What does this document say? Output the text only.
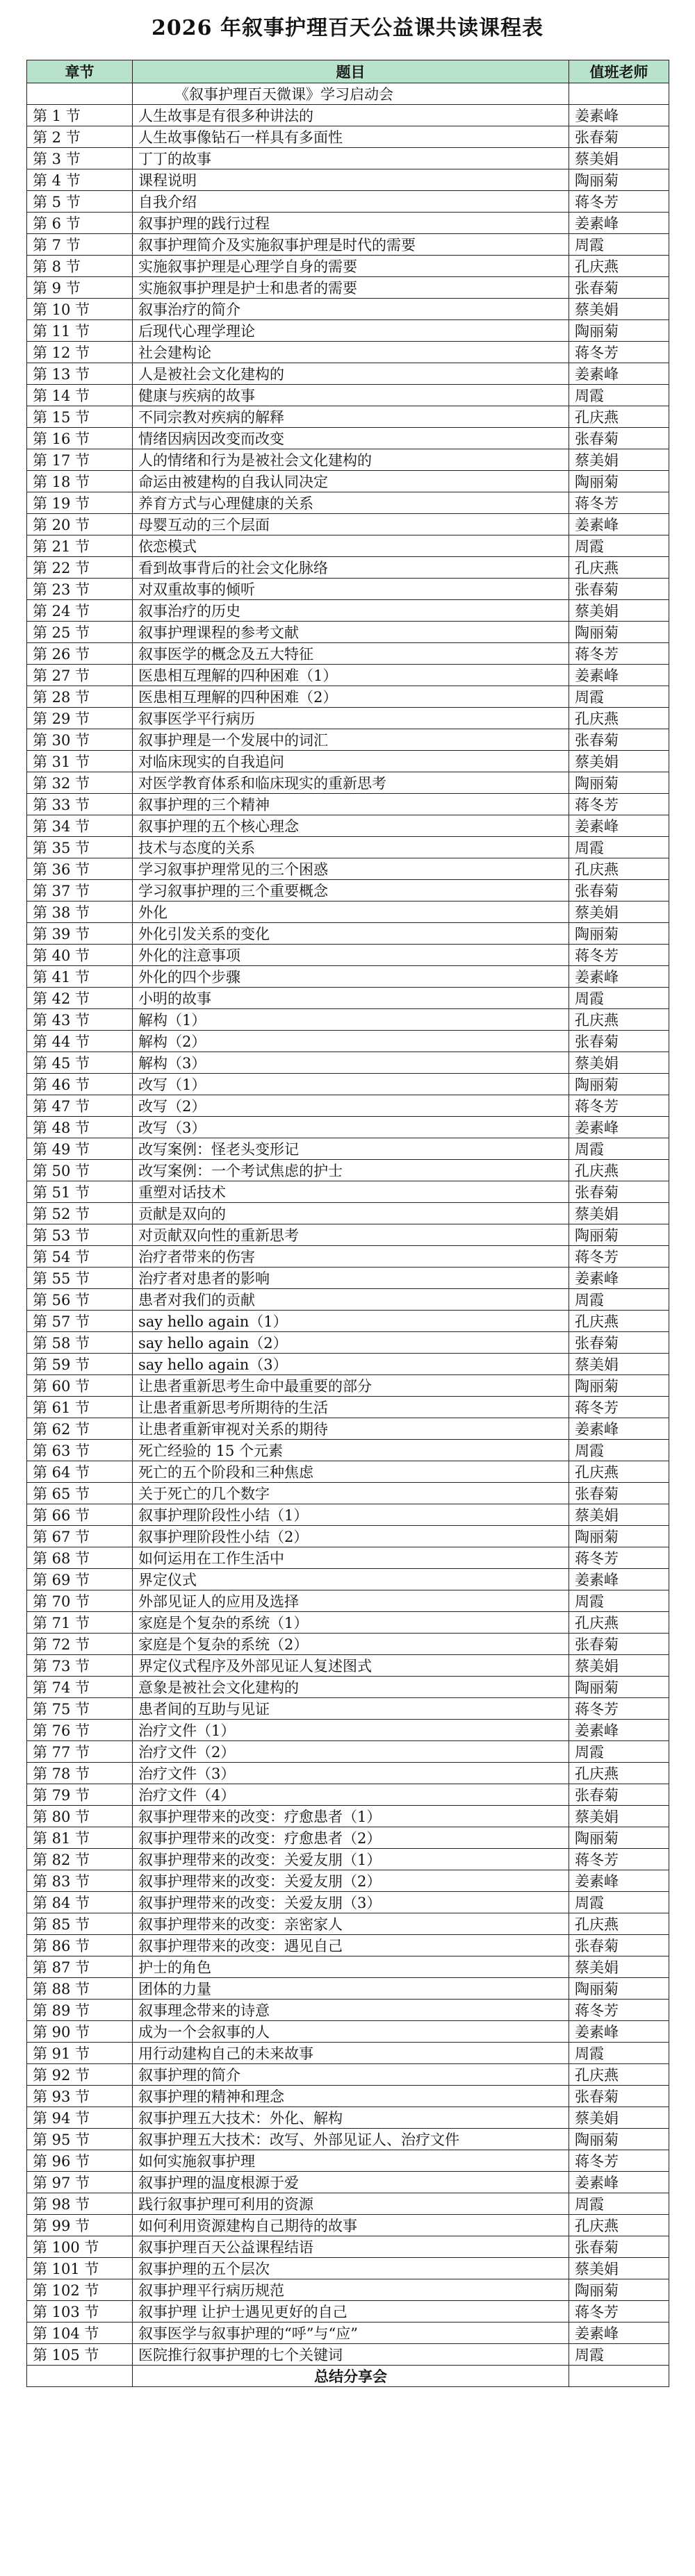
2026 年叙事护理百天公益课共读课程表
章节	题目	值班老师
	《叙事护理百天微课》学习启动会	
第 1 节	人生故事是有很多种讲法的	姜素峰
第 2 节	人生故事像钻石一样具有多面性	张春菊
第 3 节	丁丁的故事	蔡美娟
第 4 节	课程说明	陶丽菊
第 5 节	自我介绍	蒋冬芳
第 6 节	叙事护理的践行过程	姜素峰
第 7 节	叙事护理简介及实施叙事护理是时代的需要	周霞
第 8 节	实施叙事护理是心理学自身的需要	孔庆燕
第 9 节	实施叙事护理是护士和患者的需要	张春菊
第 10 节	叙事治疗的简介	蔡美娟
第 11 节	后现代心理学理论	陶丽菊
第 12 节	社会建构论	蒋冬芳
第 13 节	人是被社会文化建构的	姜素峰
第 14 节	健康与疾病的故事	周霞
第 15 节	不同宗教对疾病的解释	孔庆燕
第 16 节	情绪因病因改变而改变	张春菊
第 17 节	人的情绪和行为是被社会文化建构的	蔡美娟
第 18 节	命运由被建构的自我认同决定	陶丽菊
第 19 节	养育方式与心理健康的关系	蒋冬芳
第 20 节	母婴互动的三个层面	姜素峰
第 21 节	依恋模式	周霞
第 22 节	看到故事背后的社会文化脉络	孔庆燕
第 23 节	对双重故事的倾听	张春菊
第 24 节	叙事治疗的历史	蔡美娟
第 25 节	叙事护理课程的参考文献	陶丽菊
第 26 节	叙事医学的概念及五大特征	蒋冬芳
第 27 节	医患相互理解的四种困难（1）	姜素峰
第 28 节	医患相互理解的四种困难（2）	周霞
第 29 节	叙事医学平行病历	孔庆燕
第 30 节	叙事护理是一个发展中的词汇	张春菊
第 31 节	对临床现实的自我追问	蔡美娟
第 32 节	对医学教育体系和临床现实的重新思考	陶丽菊
第 33 节	叙事护理的三个精神	蒋冬芳
第 34 节	叙事护理的五个核心理念	姜素峰
第 35 节	技术与态度的关系	周霞
第 36 节	学习叙事护理常见的三个困惑	孔庆燕
第 37 节	学习叙事护理的三个重要概念	张春菊
第 38 节	外化	蔡美娟
第 39 节	外化引发关系的变化	陶丽菊
第 40 节	外化的注意事项	蒋冬芳
第 41 节	外化的四个步骤	姜素峰
第 42 节	小明的故事	周霞
第 43 节	解构（1）	孔庆燕
第 44 节	解构（2）	张春菊
第 45 节	解构（3）	蔡美娟
第 46 节	改写（1）	陶丽菊
第 47 节	改写（2）	蒋冬芳
第 48 节	改写（3）	姜素峰
第 49 节	改写案例：怪老头变形记	周霞
第 50 节	改写案例：一个考试焦虑的护士	孔庆燕
第 51 节	重塑对话技术	张春菊
第 52 节	贡献是双向的	蔡美娟
第 53 节	对贡献双向性的重新思考	陶丽菊
第 54 节	治疗者带来的伤害	蒋冬芳
第 55 节	治疗者对患者的影响	姜素峰
第 56 节	患者对我们的贡献	周霞
第 57 节	say hello again（1）	孔庆燕
第 58 节	say hello again（2）	张春菊
第 59 节	say hello again（3）	蔡美娟
第 60 节	让患者重新思考生命中最重要的部分	陶丽菊
第 61 节	让患者重新思考所期待的生活	蒋冬芳
第 62 节	让患者重新审视对关系的期待	姜素峰
第 63 节	死亡经验的 15 个元素	周霞
第 64 节	死亡的五个阶段和三种焦虑	孔庆燕
第 65 节	关于死亡的几个数字	张春菊
第 66 节	叙事护理阶段性小结（1）	蔡美娟
第 67 节	叙事护理阶段性小结（2）	陶丽菊
第 68 节	如何运用在工作生活中	蒋冬芳
第 69 节	界定仪式	姜素峰
第 70 节	外部见证人的应用及选择	周霞
第 71 节	家庭是个复杂的系统（1）	孔庆燕
第 72 节	家庭是个复杂的系统（2）	张春菊
第 73 节	界定仪式程序及外部见证人复述图式	蔡美娟
第 74 节	意象是被社会文化建构的	陶丽菊
第 75 节	患者间的互助与见证	蒋冬芳
第 76 节	治疗文件（1）	姜素峰
第 77 节	治疗文件（2）	周霞
第 78 节	治疗文件（3）	孔庆燕
第 79 节	治疗文件（4）	张春菊
第 80 节	叙事护理带来的改变：疗愈患者（1）	蔡美娟
第 81 节	叙事护理带来的改变：疗愈患者（2）	陶丽菊
第 82 节	叙事护理带来的改变：关爱友朋（1）	蒋冬芳
第 83 节	叙事护理带来的改变：关爱友朋（2）	姜素峰
第 84 节	叙事护理带来的改变：关爱友朋（3）	周霞
第 85 节	叙事护理带来的改变：亲密家人	孔庆燕
第 86 节	叙事护理带来的改变：遇见自己	张春菊
第 87 节	护士的角色	蔡美娟
第 88 节	团体的力量	陶丽菊
第 89 节	叙事理念带来的诗意	蒋冬芳
第 90 节	成为一个会叙事的人	姜素峰
第 91 节	用行动建构自己的未来故事	周霞
第 92 节	叙事护理的简介	孔庆燕
第 93 节	叙事护理的精神和理念	张春菊
第 94 节	叙事护理五大技术：外化、解构	蔡美娟
第 95 节	叙事护理五大技术：改写、外部见证人、治疗文件	陶丽菊
第 96 节	如何实施叙事护理	蒋冬芳
第 97 节	叙事护理的温度根源于爱	姜素峰
第 98 节	践行叙事护理可利用的资源	周霞
第 99 节	如何利用资源建构自己期待的故事	孔庆燕
第 100 节	叙事护理百天公益课程结语	张春菊
第 101 节	叙事护理的五个层次	蔡美娟
第 102 节	叙事护理平行病历规范	陶丽菊
第 103 节	叙事护理 让护士遇见更好的自己	蒋冬芳
第 104 节	叙事医学与叙事护理的“呼”与“应”	姜素峰
第 105 节	医院推行叙事护理的七个关键词	周霞
	总结分享会	
